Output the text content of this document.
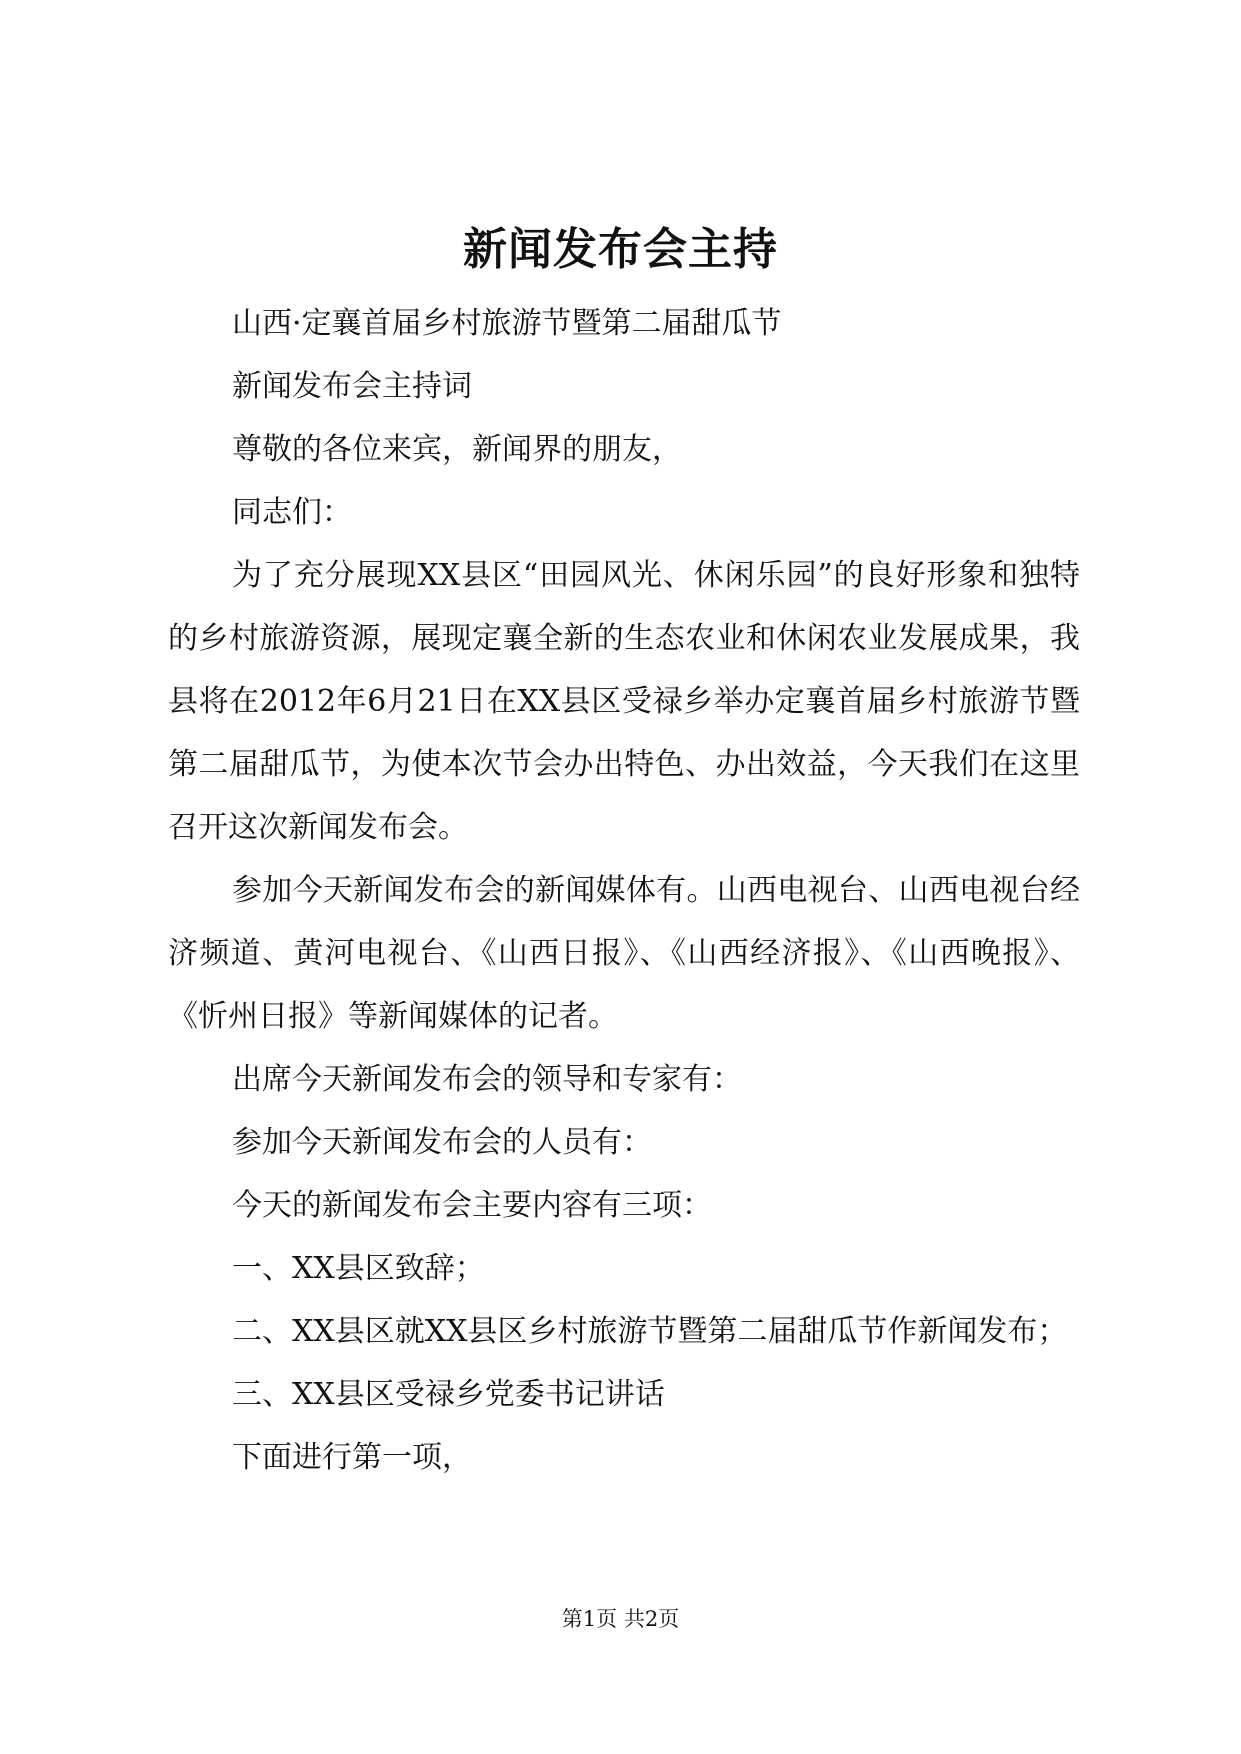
新闻发布会主持

山西·定襄首届乡村旅游节暨第二届甜瓜节

新闻发布会主持词

尊敬的各位来宾，新闻界的朋友，

同志们：

为了充分展现XX县区“田园风光、休闲乐园”的良好形象和独特的乡村旅游资源，展现定襄全新的生态农业和休闲农业发展成果，我县将在2012年6月21日在XX县区受禄乡举办定襄首届乡村旅游节暨第二届甜瓜节，为使本次节会办出特色、办出效益，今天我们在这里召开这次新闻发布会。

参加今天新闻发布会的新闻媒体有。山西电视台、山西电视台经济频道、黄河电视台、《山西日报》、《山西经济报》、《山西晚报》、《忻州日报》等新闻媒体的记者。

出席今天新闻发布会的领导和专家有：

参加今天新闻发布会的人员有：

今天的新闻发布会主要内容有三项：

一、XX县区致辞；

二、XX县区就XX县区乡村旅游节暨第二届甜瓜节作新闻发布；

三、XX县区受禄乡党委书记讲话

下面进行第一项，

第1页 共2页
